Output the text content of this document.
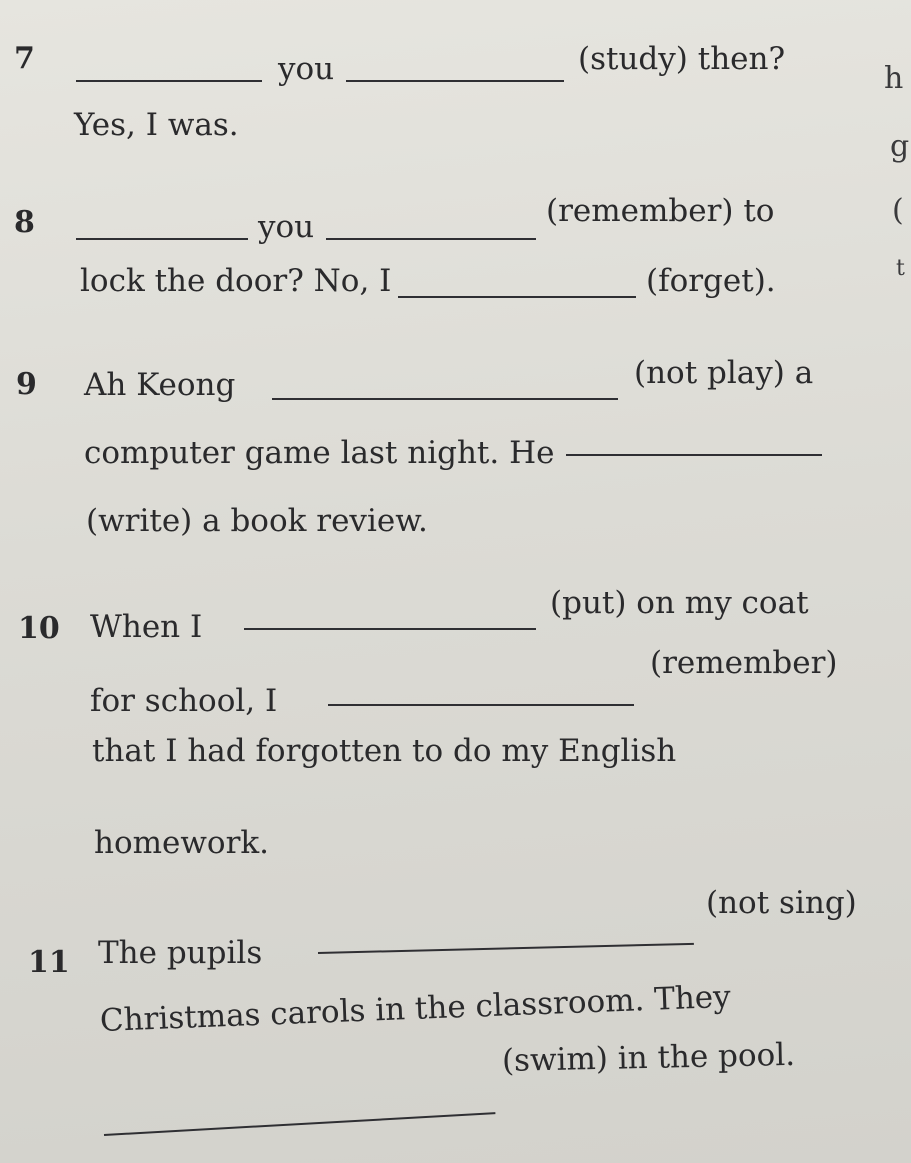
7	you	(study) then?
Yes, I was.
8	you	(remember) to
lock the door? No, I	(forget).
9 Ah Keong	(not play) a
computer game last night. He
(write) a book review.
10 When I
(put) on my coat
for school, I
(remember)
that I had forgotten to do my English
homework.
11 The pupils
(not sing)
Christmas carols in the classroom. They
(swim) in the pool.
h
g
(
t
